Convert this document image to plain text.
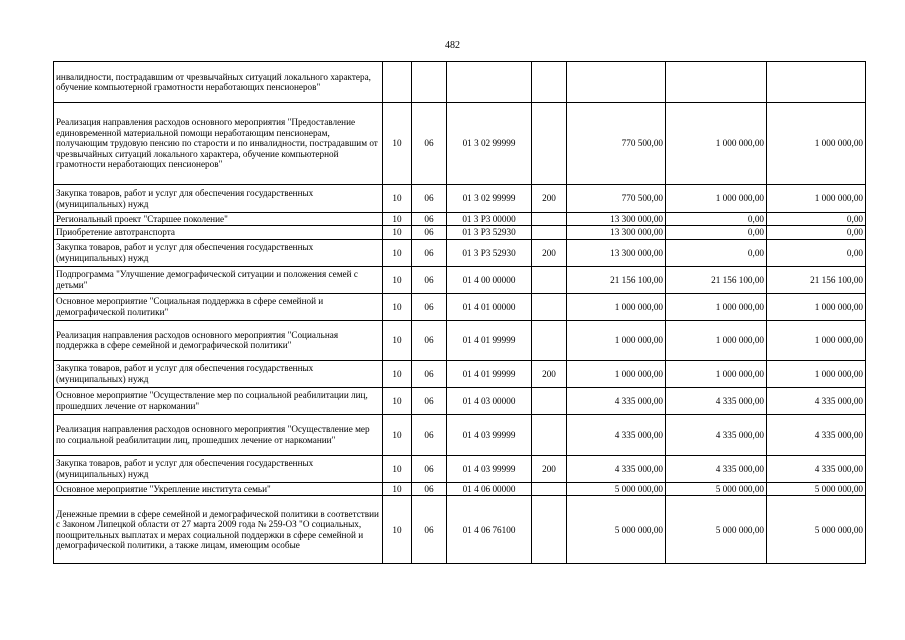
482
инвалидности, пострадавшим от чрезвычайных ситуаций локального характера, обучение компьютерной грамотности неработающих пенсионеров"							
Реализация направления расходов основного мероприятия "Предоставление единовременной материальной помощи неработающим пенсионерам, получающим трудовую пенсию по старости и по инвалидности, пострадавшим от чрезвычайных ситуаций локального характера, обучение компьютерной грамотности неработающих пенсионеров"	10	06	01 3 02 99999		770 500,00	1 000 000,00	1 000 000,00
Закупка товаров, работ и услуг для обеспечения государственных (муниципальных) нужд	10	06	01 3 02 99999	200	770 500,00	1 000 000,00	1 000 000,00
Региональный проект "Старшее поколение"	10	06	01 3 P3 00000		13 300 000,00	0,00	0,00
Приобретение автотранспорта	10	06	01 3 P3 52930		13 300 000,00	0,00	0,00
Закупка товаров, работ и услуг для обеспечения государственных (муниципальных) нужд	10	06	01 3 P3 52930	200	13 300 000,00	0,00	0,00
Подпрограмма "Улучшение демографической ситуации и положения семей с детьми"	10	06	01 4 00 00000		21 156 100,00	21 156 100,00	21 156 100,00
Основное мероприятие "Социальная поддержка в сфере семейной и демографической политики"	10	06	01 4 01 00000		1 000 000,00	1 000 000,00	1 000 000,00
Реализация направления расходов основного мероприятия "Социальная поддержка в сфере семейной и демографической политики"	10	06	01 4 01 99999		1 000 000,00	1 000 000,00	1 000 000,00
Закупка товаров, работ и услуг для обеспечения государственных (муниципальных) нужд	10	06	01 4 01 99999	200	1 000 000,00	1 000 000,00	1 000 000,00
Основное мероприятие "Осуществление мер по социальной реабилитации лиц, прошедших лечение от наркомании"	10	06	01 4 03 00000		4 335 000,00	4 335 000,00	4 335 000,00
Реализация направления расходов основного мероприятия "Осуществление мер по социальной реабилитации лиц, прошедших лечение от наркомании"	10	06	01 4 03 99999		4 335 000,00	4 335 000,00	4 335 000,00
Закупка товаров, работ и услуг для обеспечения государственных (муниципальных) нужд	10	06	01 4 03 99999	200	4 335 000,00	4 335 000,00	4 335 000,00
Основное мероприятие "Укрепление института семьи"	10	06	01 4 06 00000		5 000 000,00	5 000 000,00	5 000 000,00
Денежные премии в сфере семейной и демографической политики в соответствии с Законом Липецкой области от 27 марта 2009 года № 259-ОЗ "О социальных, поощрительных выплатах и мерах социальной поддержки в сфере семейной и демографической политики, а также лицам, имеющим особые	10	06	01 4 06 76100		5 000 000,00	5 000 000,00	5 000 000,00
